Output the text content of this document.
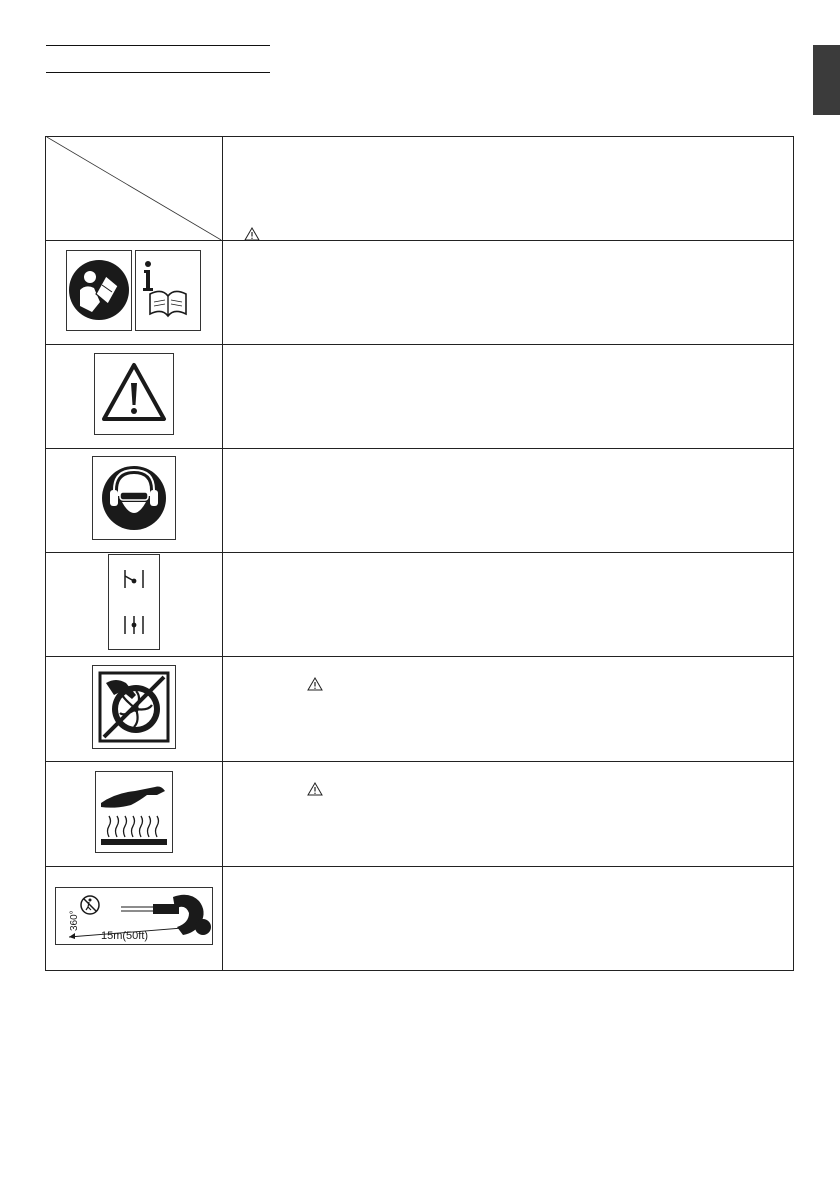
360°
15m(50ft)	
